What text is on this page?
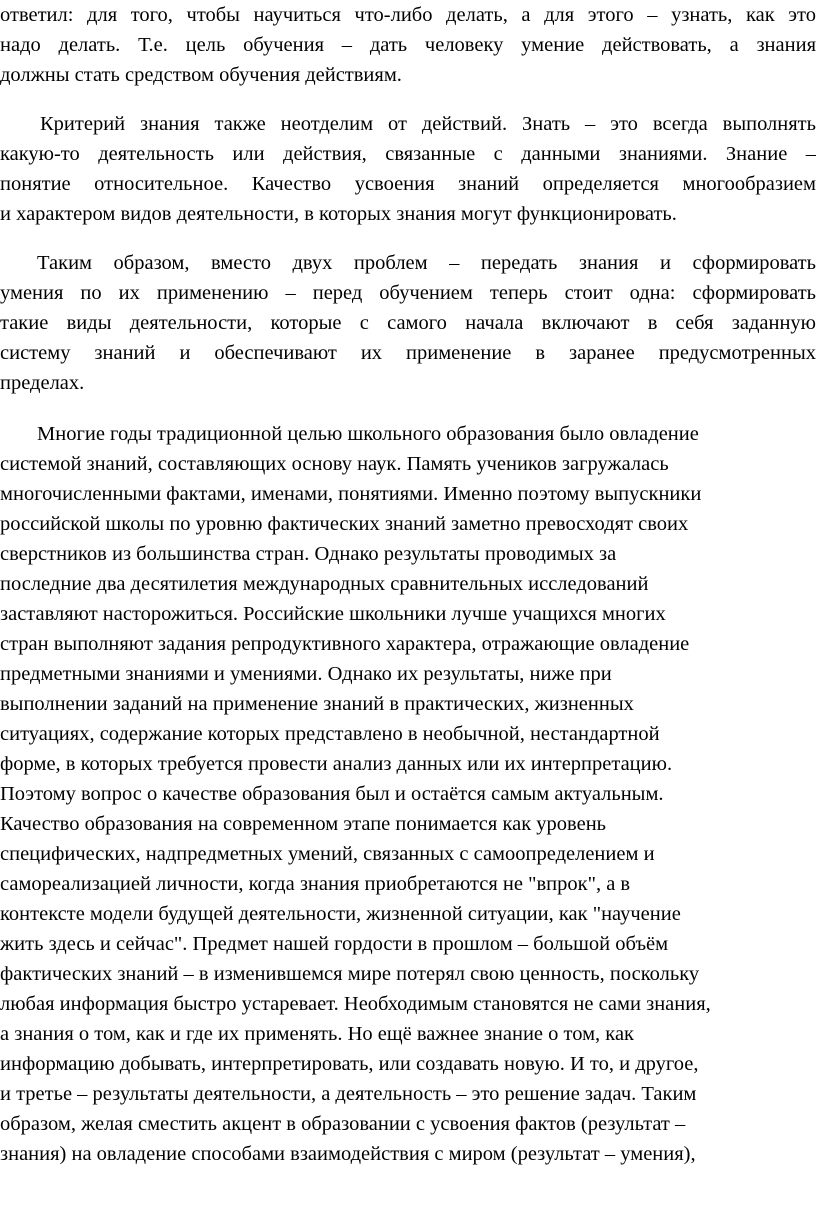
ответил: для того, чтобы научиться что-либо делать, а для этого – узнать, как это
надо делать. Т.е. цель обучения – дать человеку умение действовать, а знания
должны стать средством обучения действиям.
Критерий знания также неотделим от действий. Знать – это всегда выполнять
какую-то деятельность или действия, связанные с данными знаниями. Знание –
понятие относительное. Качество усвоения знаний определяется многообразием
и характером видов деятельности, в которых знания могут функционировать.
Таким образом, вместо двух проблем – передать знания и сформировать
умения по их применению – перед обучением теперь стоит одна: сформировать
такие виды деятельности, которые с самого начала включают в себя заданную
систему знаний и обеспечивают их применение в заранее предусмотренных
пределах.
Многие годы традиционной целью школьного образования было овладение
системой знаний, составляющих основу наук. Память учеников загружалась
многочисленными фактами, именами, понятиями. Именно поэтому выпускники
российской школы по уровню фактических знаний заметно превосходят своих
сверстников из большинства стран. Однако результаты проводимых за
последние два десятилетия международных сравнительных исследований
заставляют насторожиться. Российские школьники лучше учащихся многих
стран выполняют задания репродуктивного характера, отражающие овладение
предметными знаниями и умениями. Однако их результаты, ниже при
выполнении заданий на применение знаний в практических, жизненных
ситуациях, содержание которых представлено в необычной, нестандартной
форме, в которых требуется провести анализ данных или их интерпретацию.
Поэтому вопрос о качестве образования был и остаётся самым актуальным.
Качество образования на современном этапе понимается как уровень
специфических, надпредметных умений, связанных с самоопределением и
самореализацией личности, когда знания приобретаются не "впрок", а в
контексте модели будущей деятельности, жизненной ситуации, как "научение
жить здесь и сейчас". Предмет нашей гордости в прошлом – большой объём
фактических знаний – в изменившемся мире потерял свою ценность, поскольку
любая информация быстро устаревает. Необходимым становятся не сами знания,
а знания о том, как и где их применять. Но ещё важнее знание о том, как
информацию добывать, интерпретировать, или создавать новую. И то, и другое,
и третье – результаты деятельности, а деятельность – это решение задач. Таким
образом, желая сместить акцент в образовании с усвоения фактов (результат –
знания) на овладение способами взаимодействия с миром (результат – умения),
